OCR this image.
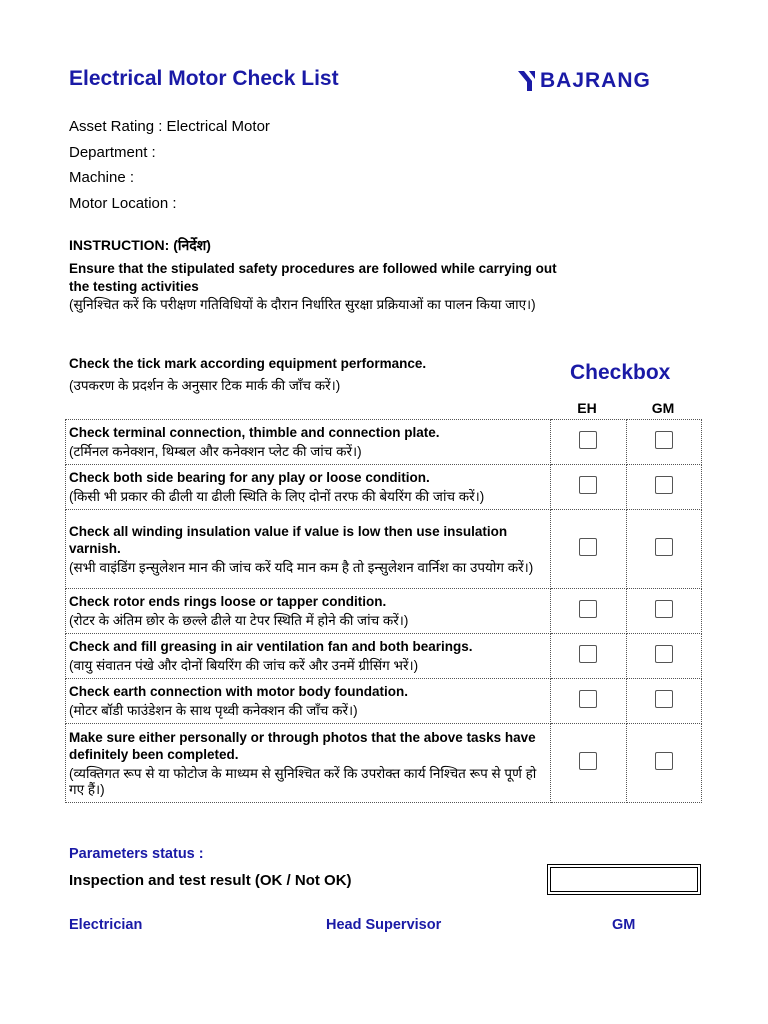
Electrical Motor Check List	BAJRANG
Asset Rating : Electrical Motor
Department :
Machine :
Motor Location :
INSTRUCTION: (निर्देश)
Ensure that the stipulated safety procedures are followed while carrying out the testing activities
(सुनिश्चित करें कि परीक्षण गतिविधियों के दौरान निर्धारित सुरक्षा प्रक्रियाओं का पालन किया जाए।)
Check the tick mark according equipment performance.
(उपकरण के प्रदर्शन के अनुसार टिक मार्क की जाँच करें।)
Checkbox
EH	GM
Check terminal connection, thimble and connection plate.
(टर्मिनल कनेक्शन, थिम्बल और कनेक्शन प्लेट की जांच करें।)		

Check both side bearing for any play or loose condition.
(किसी भी प्रकार की ढीली या ढीली स्थिति के लिए दोनों तरफ की बेयरिंग की जांच करें।)		

Check all winding insulation value if value is low then use insulation varnish.
(सभी वाइंडिंग इन्सुलेशन मान की जांच करें यदि मान कम है तो इन्सुलेशन वार्निश का उपयोग करें।)		

Check rotor ends rings loose or tapper condition.
(रोटर के अंतिम छोर के छल्ले ढीले या टेपर स्थिति में होने की जांच करें।)		

Check and fill greasing in air ventilation fan and both bearings.
(वायु संवातन पंखे और दोनों बियरिंग की जांच करें और उनमें ग्रीसिंग भरें।)		

Check earth connection with motor body foundation.
(मोटर बॉडी फाउंडेशन के साथ पृथ्वी कनेक्शन की जाँच करें।)		

Make sure either personally or through photos that the above tasks have definitely been completed.
(व्यक्तिगत रूप से या फोटोज के माध्यम से सुनिश्चित करें कि उपरोक्त कार्य निश्चित रूप से पूर्ण हो गए हैं।)		

Parameters status :
Inspection and test result (OK / Not OK)
Electrician	Head Supervisor	GM
